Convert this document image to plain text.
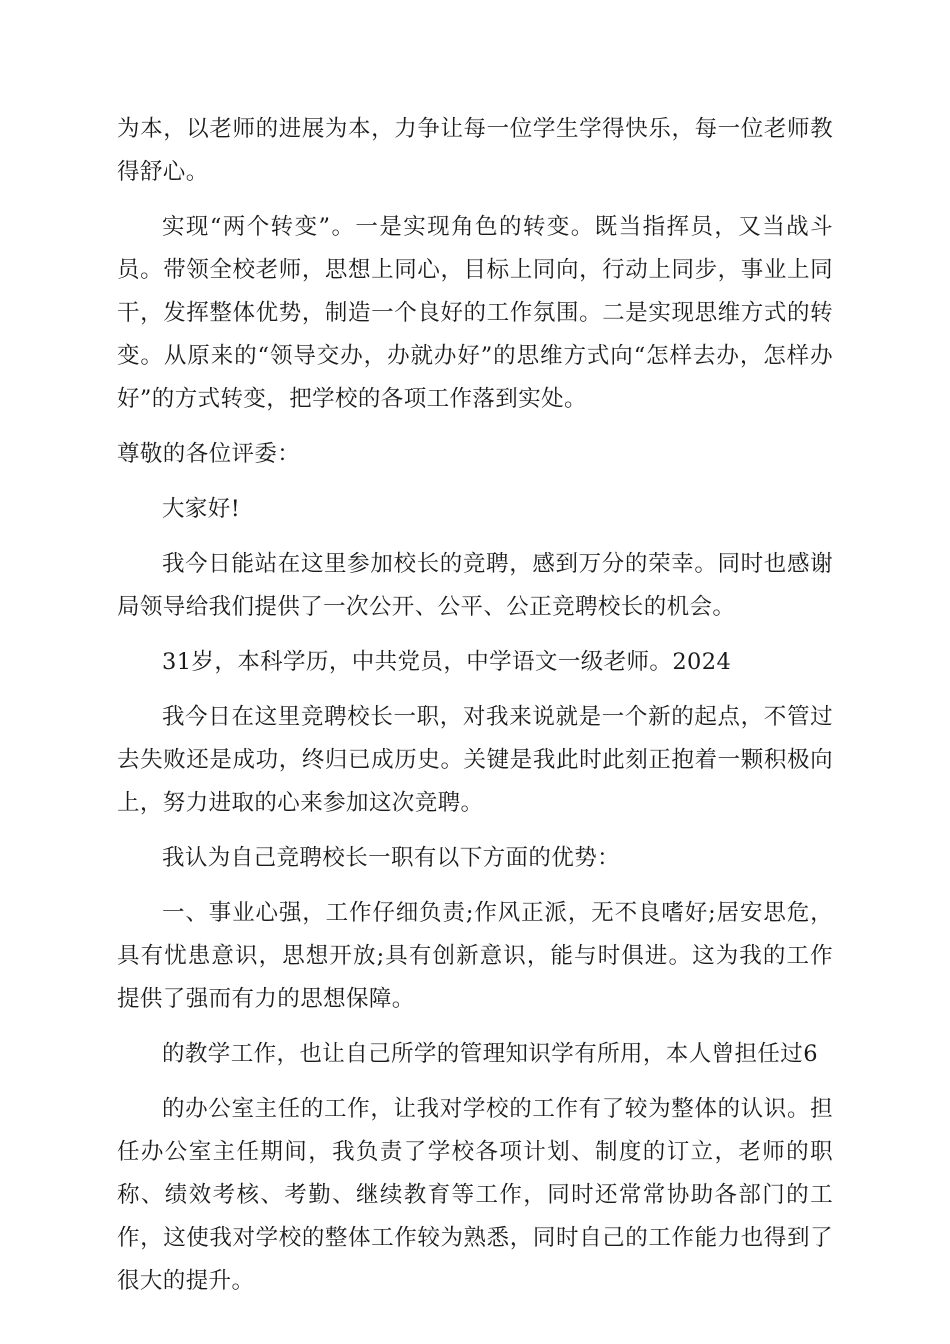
为本，以老师的进展为本，力争让每一位学生学得快乐，每一位老师教得舒心。

实现“两个转变”。一是实现角色的转变。既当指挥员，又当战斗员。带领全校老师，思想上同心，目标上同向，行动上同步，事业上同干，发挥整体优势，制造一个良好的工作氛围。二是实现思维方式的转变。从原来的“领导交办，办就办好”的思维方式向“怎样去办，怎样办好”的方式转变，把学校的各项工作落到实处。

尊敬的各位评委：

大家好!

我今日能站在这里参加校长的竞聘，感到万分的荣幸。同时也感谢局领导给我们提供了一次公开、公平、公正竞聘校长的机会。

31岁，本科学历，中共党员，中学语文一级老师。2024

我今日在这里竞聘校长一职，对我来说就是一个新的起点，不管过去失败还是成功，终归已成历史。关键是我此时此刻正抱着一颗积极向上，努力进取的心来参加这次竞聘。

我认为自己竞聘校长一职有以下方面的优势：

一、事业心强，工作仔细负责;作风正派，无不良嗜好;居安思危，具有忧患意识，思想开放;具有创新意识，能与时俱进。这为我的工作提供了强而有力的思想保障。

的教学工作，也让自己所学的管理知识学有所用，本人曾担任过6

的办公室主任的工作，让我对学校的工作有了较为整体的认识。担任办公室主任期间，我负责了学校各项计划、制度的订立，老师的职称、绩效考核、考勤、继续教育等工作，同时还常常协助各部门的工作，这使我对学校的整体工作较为熟悉，同时自己的工作能力也得到了很大的提升。
